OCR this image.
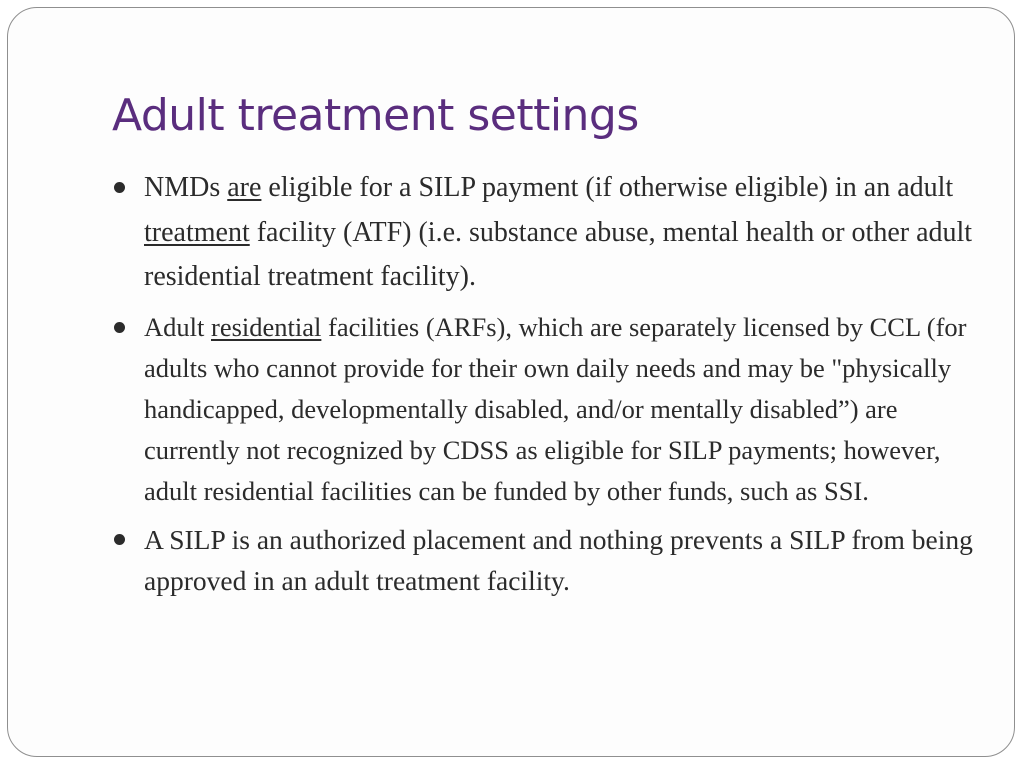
Adult treatment settings
NMDs are eligible for a SILP payment (if otherwise eligible) in an adult treatment facility (ATF) (i.e. substance abuse, mental health or other adult residential treatment facility).
Adult residential facilities (ARFs), which are separately licensed by CCL (for adults who cannot provide for their own daily needs and may be "physically handicapped, developmentally disabled, and/or mentally disabled”) are currently not recognized by CDSS as eligible for SILP payments; however, adult residential facilities can be funded by other funds, such as SSI.
A SILP is an authorized placement and nothing prevents a SILP from being approved in an adult treatment facility.
